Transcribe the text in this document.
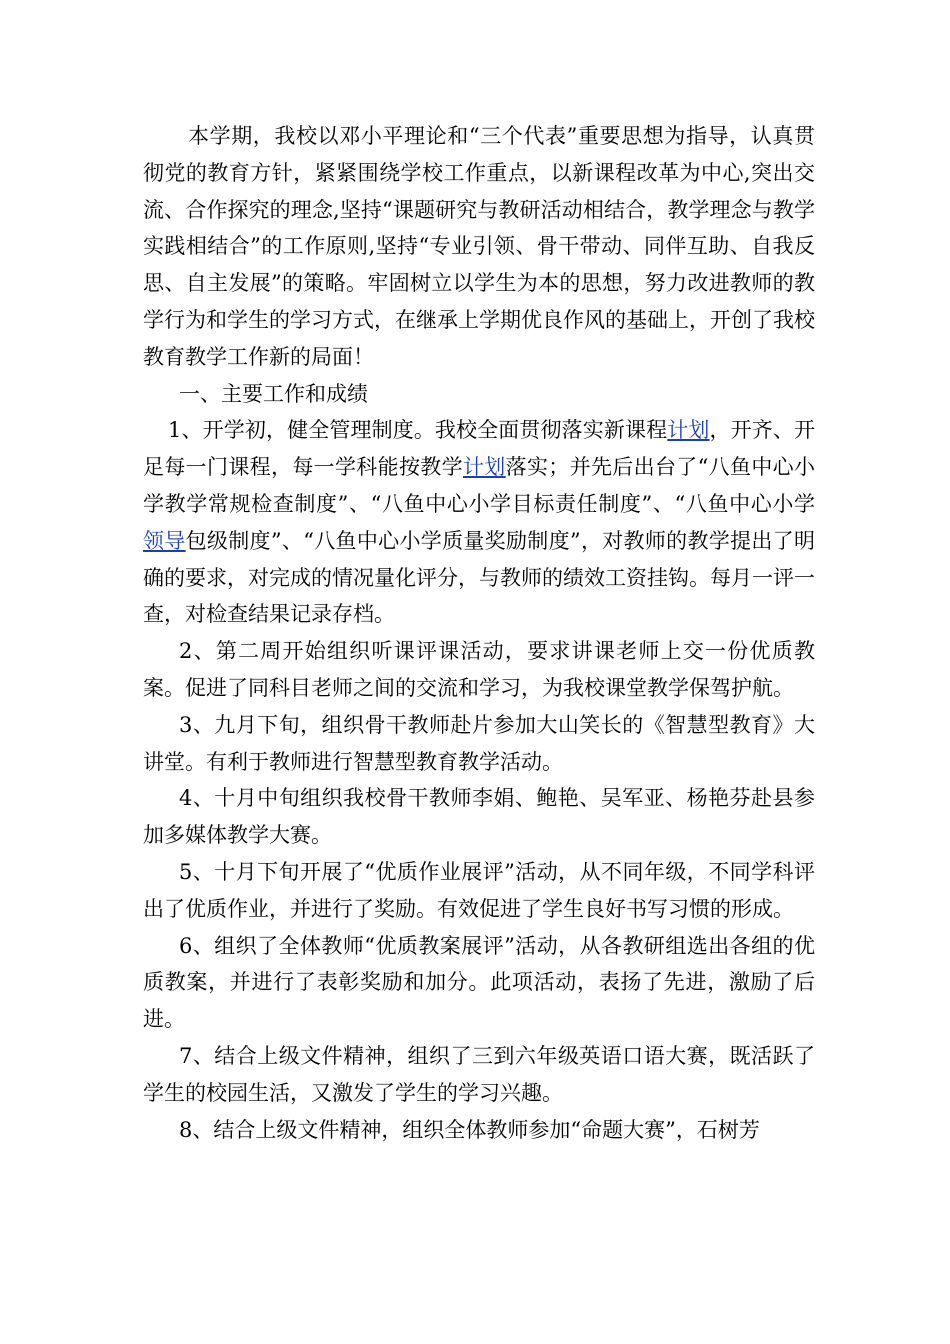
本学期，我校以邓小平理论和“三个代表”重要思想为指导，认真贯彻党的教育方针，紧紧围绕学校工作重点，以新课程改革为中心,突出交流、合作探究的理念,坚持“课题研究与教研活动相结合，教学理念与教学实践相结合”的工作原则,坚持“专业引领、骨干带动、同伴互助、自我反思、自主发展”的策略。牢固树立以学生为本的思想，努力改进教师的教学行为和学生的学习方式，在继承上学期优良作风的基础上，开创了我校教育教学工作新的局面！

一、主要工作和成绩

1、开学初，健全管理制度。我校全面贯彻落实新课程计划，开齐、开足每一门课程，每一学科能按教学计划落实；并先后出台了“八鱼中心小学教学常规检查制度”、“八鱼中心小学目标责任制度”、“八鱼中心小学领导包级制度”、“八鱼中心小学质量奖励制度”，对教师的教学提出了明确的要求，对完成的情况量化评分，与教师的绩效工资挂钩。每月一评一查，对检查结果记录存档。

2、第二周开始组织听课评课活动，要求讲课老师上交一份优质教案。促进了同科目老师之间的交流和学习，为我校课堂教学保驾护航。

3、九月下旬，组织骨干教师赴片参加大山笑长的《智慧型教育》大讲堂。有利于教师进行智慧型教育教学活动。

4、十月中旬组织我校骨干教师李娟、鲍艳、吴军亚、杨艳芬赴县参加多媒体教学大赛。

5、十月下旬开展了“优质作业展评”活动，从不同年级，不同学科评出了优质作业，并进行了奖励。有效促进了学生良好书写习惯的形成。

6、组织了全体教师“优质教案展评”活动，从各教研组选出各组的优质教案，并进行了表彰奖励和加分。此项活动，表扬了先进，激励了后进。

7、结合上级文件精神，组织了三到六年级英语口语大赛，既活跃了学生的校园生活，又激发了学生的学习兴趣。

8、结合上级文件精神，组织全体教师参加“命题大赛”，石树芳
